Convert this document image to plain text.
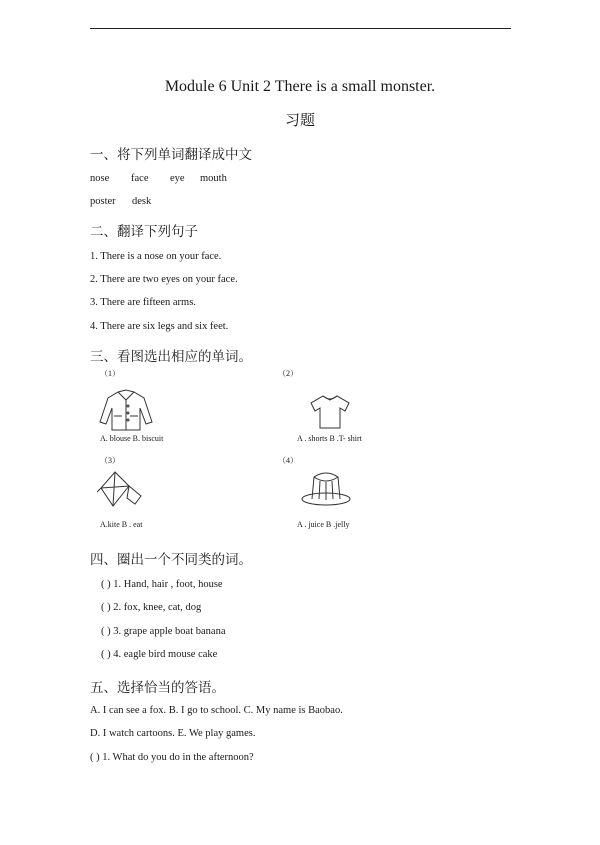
Module 6 Unit 2 There is a small monster.
习题
一、将下列单词翻译成中文
nose face eye mouth
poster desk
二、翻译下列句子
1. There is a nose on your face.
2. There are two eyes on your face.
3. There are fifteen arms.
4. There are six legs and six feet.
三、看图选出相应的单词。
（1）
A. blouse B. biscuit
（2）
A . shorts B .T- shirt
（3）
A.kite B . eat
（4）
A . juice B .jelly
四、圈出一个不同类的词。
( ) 1. Hand, hair , foot, house
( ) 2. fox, knee, cat, dog
( ) 3. grape apple boat banana
( ) 4. eagle bird mouse cake
五、选择恰当的答语。
A. I can see a fox. B. I go to school. C. My name is Baobao.
D. I watch cartoons. E. We play games.
( ) 1. What do you do in the afternoon?
